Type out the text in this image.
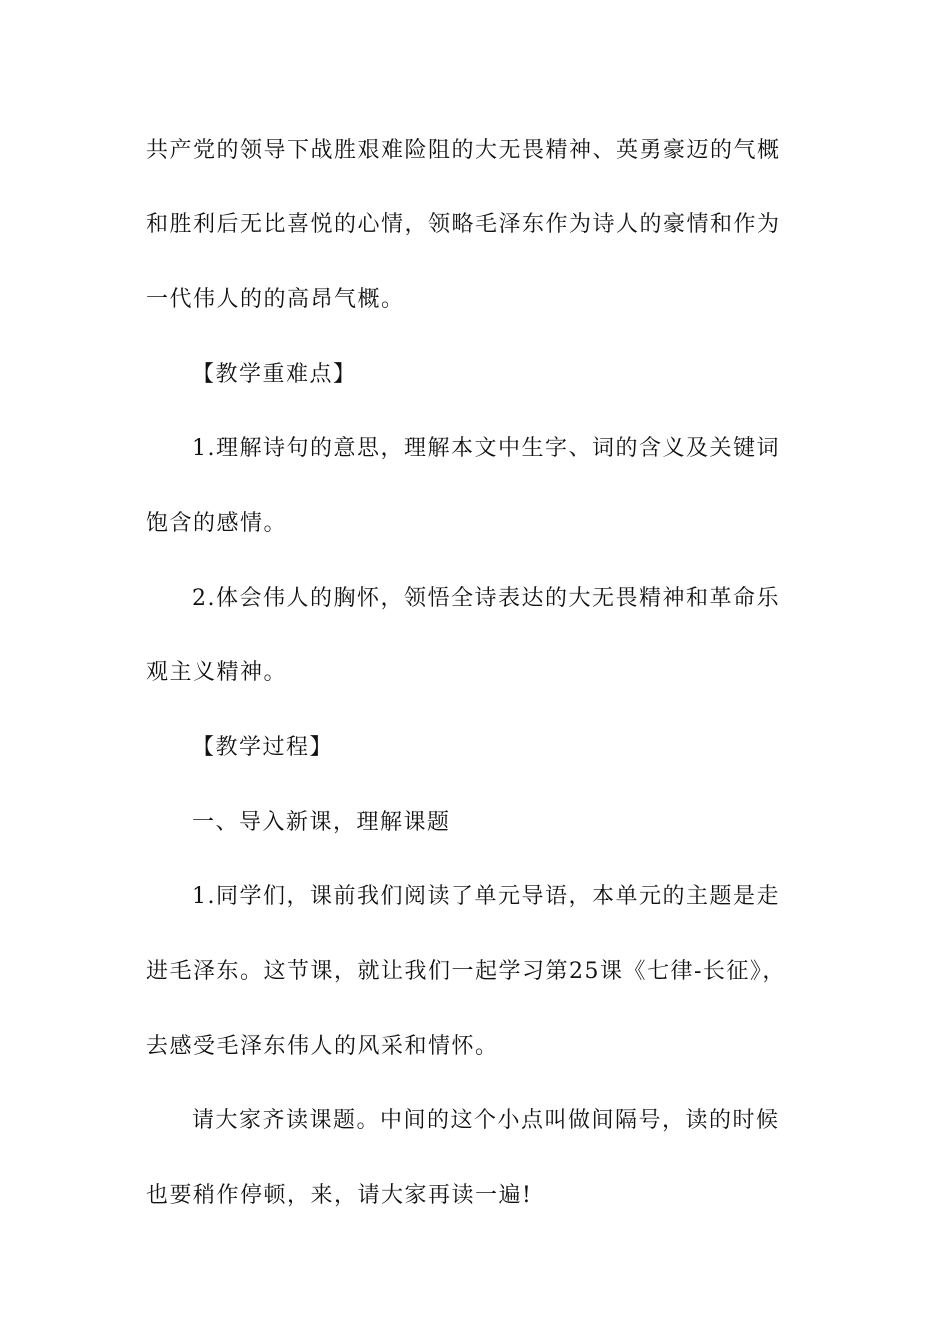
共产党的领导下战胜艰难险阻的大无畏精神、英勇豪迈的气概
和胜利后无比喜悦的心情，领略毛泽东作为诗人的豪情和作为
一代伟人的的高昂气概。
【教学重难点】
1.理解诗句的意思，理解本文中生字、词的含义及关键词
饱含的感情。
2.体会伟人的胸怀，领悟全诗表达的大无畏精神和革命乐
观主义精神。
【教学过程】
一、导入新课，理解课题
1.同学们，课前我们阅读了单元导语，本单元的主题是走
进毛泽东。这节课，就让我们一起学习第25课《七律-长征》，
去感受毛泽东伟人的风采和情怀。
请大家齐读课题。中间的这个小点叫做间隔号，读的时候
也要稍作停顿，来，请大家再读一遍!
